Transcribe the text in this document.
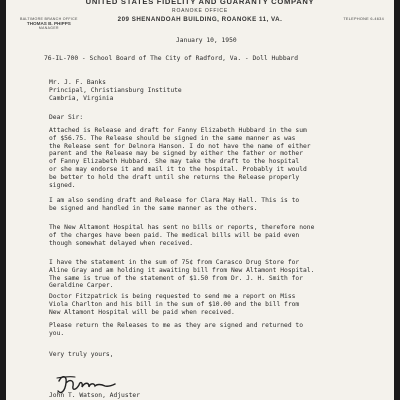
UNITED STATES FIDELITY AND GUARANTY COMPANY
ROANOKE OFFICE
209 SHENANDOAH BUILDING, ROANOKE 11, VA.
BALTIMORE BRANCH OFFICE
THOMAS B. PHIPPS
MANAGER
TELEPHONE 6-4634
January 10, 1950
76-IL-700 - School Board of The City of Radford, Va. - Doll Hubbard
Mr. J. F. Banks
Principal, Christiansburg Institute
Cambria, Virginia
Dear Sir:
Attached is Release and draft for Fanny Elizabeth Hubbard in the sum
of $56.75. The Release should be signed in the same manner as was
the Release sent for Delnora Hanson. I do not have the name of either
parent and the Release may be signed by either the father or mother
of Fanny Elizabeth Hubbard. She may take the draft to the hospital
or she may endorse it and mail it to the hospital. Probably it would
be better to hold the draft until she returns the Release properly
signed.
I am also sending draft and Release for Clara May Hall. This is to
be signed and handled in the same manner as the others.
The New Altamont Hospital has sent no bills or reports, therefore none
of the charges have been paid. The medical bills will be paid even
though somewhat delayed when received.
I have the statement in the sum of 75¢ from Carasco Drug Store for
Aline Gray and am holding it awaiting bill from New Altamont Hospital.
The same is true of the statement of $1.50 from Dr. J. H. Smith for
Geraldine Carper.
Doctor Fitzpatrick is being requested to send me a report on Miss
Viola Charlton and his bill in the sum of $10.00 and the bill from
New Altamont Hospital will be paid when received.
Please return the Releases to me as they are signed and returned to
you.
Very truly yours,
John T. Watson, Adjuster
